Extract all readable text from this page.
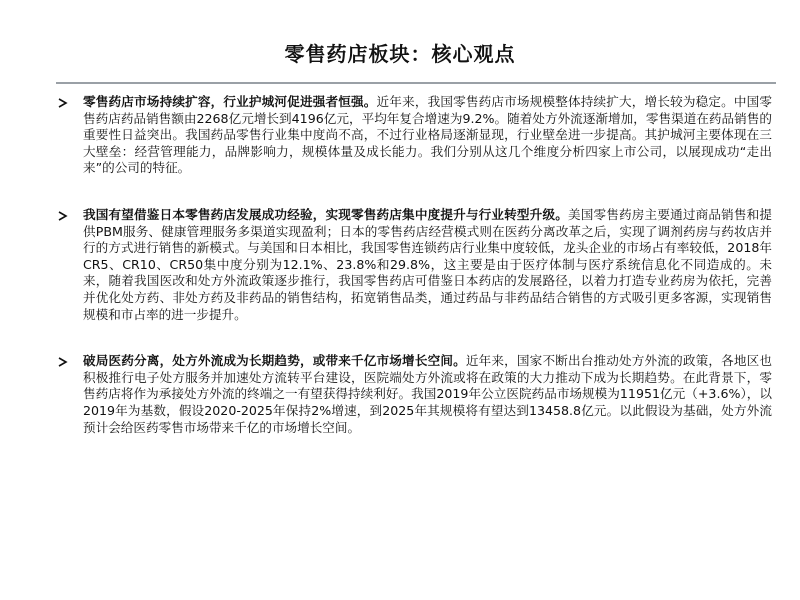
零售药店板块：核心观点
零售药店市场持续扩容，行业护城河促进强者恒强。近年来，我国零售药店市场规模整体持续扩大，增长较为稳定。中国零售药店药品销售额由2268亿元增长到4196亿元，平均年复合增速为9.2%。随着处方外流逐渐增加，零售渠道在药品销售的重要性日益突出。我国药品零售行业集中度尚不高，不过行业格局逐渐显现，行业壁垒进一步提高。其护城河主要体现在三大壁垒：经营管理能力，品牌影响力，规模体量及成长能力。我们分别从这几个维度分析四家上市公司，以展现成功“走出来”的公司的特征。
我国有望借鉴日本零售药店发展成功经验，实现零售药店集中度提升与行业转型升级。美国零售药房主要通过商品销售和提供PBM服务、健康管理服务多渠道实现盈利；日本的零售药店经营模式则在医药分离改革之后，实现了调剂药房与药妆店并行的方式进行销售的新模式。与美国和日本相比，我国零售连锁药店行业集中度较低，龙头企业的市场占有率较低，2018年CR5、CR10、CR50集中度分别为12.1%、23.8%和29.8%，这主要是由于医疗体制与医疗系统信息化不同造成的。未来，随着我国医改和处方外流政策逐步推行，我国零售药店可借鉴日本药店的发展路径，以着力打造专业药房为依托，完善并优化处方药、非处方药及非药品的销售结构，拓宽销售品类，通过药品与非药品结合销售的方式吸引更多客源，实现销售规模和市占率的进一步提升。
破局医药分离，处方外流成为长期趋势，或带来千亿市场增长空间。近年来，国家不断出台推动处方外流的政策，各地区也积极推行电子处方服务并加速处方流转平台建设，医院端处方外流或将在政策的大力推动下成为长期趋势。在此背景下，零售药店将作为承接处方外流的终端之一有望获得持续利好。我国2019年公立医院药品市场规模为11951亿元（+3.6%），以2019年为基数，假设2020-2025年保持2%增速，到2025年其规模将有望达到13458.8亿元。以此假设为基础，处方外流预计会给医药零售市场带来千亿的市场增长空间。
